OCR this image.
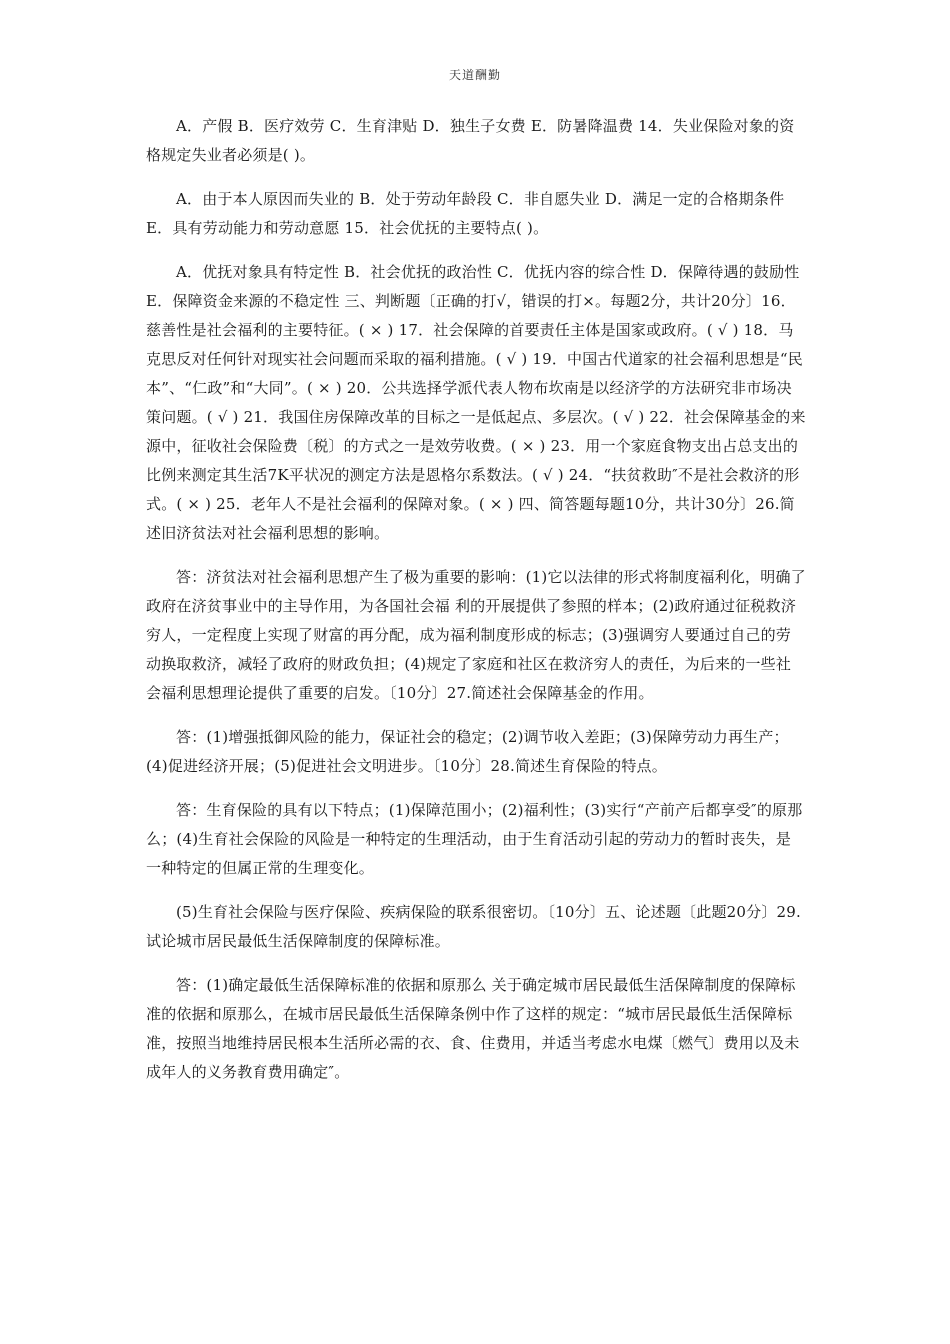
天道酬勤

A．产假 B．医疗效劳 C．生育津贴 D．独生子女费 E．防暑降温费 14．失业保险对象的资格规定失业者必须是( )。

A．由于本人原因而失业的 B．处于劳动年龄段 C．非自愿失业 D．满足一定的合格期条件 E．具有劳动能力和劳动意愿 15．社会优抚的主要特点( )。

A．优抚对象具有特定性 B．社会优抚的政治性 C．优抚内容的综合性 D．保障待遇的鼓励性 E．保障资金来源的不稳定性 三、判断题〔正确的打√，错误的打×。每题2分，共计20分〕16．慈善性是社会福利的主要特征。( × ) 17．社会保障的首要责任主体是国家或政府。( √ ) 18．马克思反对任何针对现实社会问题而采取的福利措施。( √ ) 19．中国古代道家的社会福利思想是“民本”、“仁政”和“大同”。( × ) 20．公共选择学派代表人物布坎南是以经济学的方法研究非市场决策问题。( √ ) 21．我国住房保障改革的目标之一是低起点、多层次。( √ ) 22．社会保障基金的来源中，征收社会保险费〔税〕的方式之一是效劳收费。( × ) 23．用一个家庭食物支出占总支出的比例来测定其生活7K平状况的测定方法是恩格尔系数法。( √ ) 24．“扶贫救助″不是社会救济的形式。( × ) 25．老年人不是社会福利的保障对象。( × ) 四、简答题每题10分，共计30分〕26.简述旧济贫法对社会福利思想的影响。

答：济贫法对社会福利思想产生了极为重要的影响：(1)它以法律的形式将制度福利化，明确了政府在济贫事业中的主导作用，为各国社会福 利的开展提供了参照的样本；(2)政府通过征税救济穷人，一定程度上实现了财富的再分配，成为福利制度形成的标志；(3)强调穷人要通过自己的劳动换取救济，减轻了政府的财政负担；(4)规定了家庭和社区在救济穷人的责任，为后来的一些社会福利思想理论提供了重要的启发。〔10分〕27.简述社会保障基金的作用。

答：(1)增强抵御风险的能力，保证社会的稳定；(2)调节收入差距；(3)保障劳动力再生产；(4)促进经济开展；(5)促进社会文明进步。〔10分〕28.简述生育保险的特点。

答：生育保险的具有以下特点；(1)保障范围小；(2)福利性；(3)实行“产前产后都享受″的原那么；(4)生育社会保险的风险是一种特定的生理活动，由于生育活动引起的劳动力的暂时丧失，是一种特定的但属正常的生理变化。

(5)生育社会保险与医疗保险、疾病保险的联系很密切。〔10分〕五、论述题〔此题20分〕29.试论城市居民最低生活保障制度的保障标准。

答：(1)确定最低生活保障标准的依据和原那么 关于确定城市居民最低生活保障制度的保障标准的依据和原那么，在城市居民最低生活保障条例中作了这样的规定：“城市居民最低生活保障标准，按照当地维持居民根本生活所必需的衣、食、住费用，并适当考虑水电煤〔燃气〕费用以及未成年人的义务教育费用确定″。
